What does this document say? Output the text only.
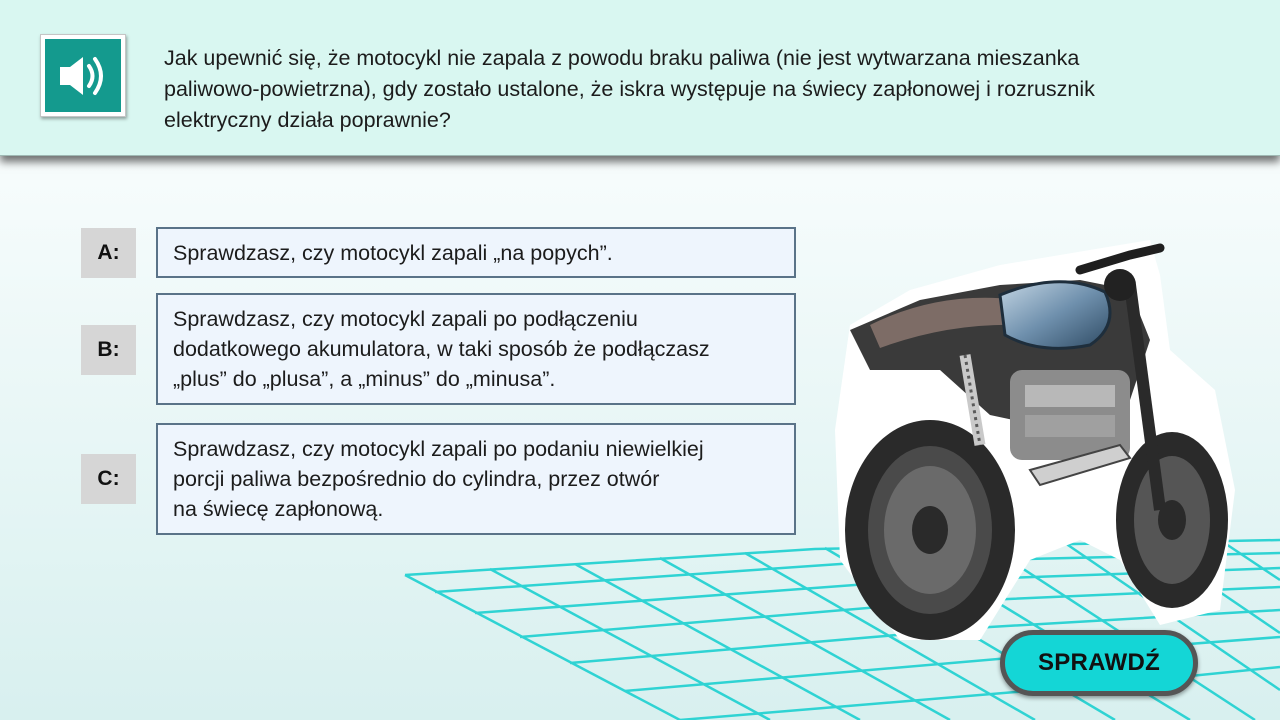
Jak upewnić się, że motocykl nie zapala z powodu braku paliwa (nie jest wytwarzana mieszanka
paliwowo-powietrzna), gdy zostało ustalone, że iskra występuje na świecy zapłonowej i rozrusznik
elektryczny działa poprawnie?
A:	Sprawdzasz, czy motocykl zapali „na popych”.
B:
Sprawdzasz, czy motocykl zapali po podłączeniu
dodatkowego akumulatora, w taki sposób że podłączasz
„plus” do „plusa”, a „minus” do „minusa”.
C:
Sprawdzasz, czy motocykl zapali po podaniu niewielkiej
porcji paliwa bezpośrednio do cylindra, przez otwór
na świecę zapłonową.
SPRAWDŹ
